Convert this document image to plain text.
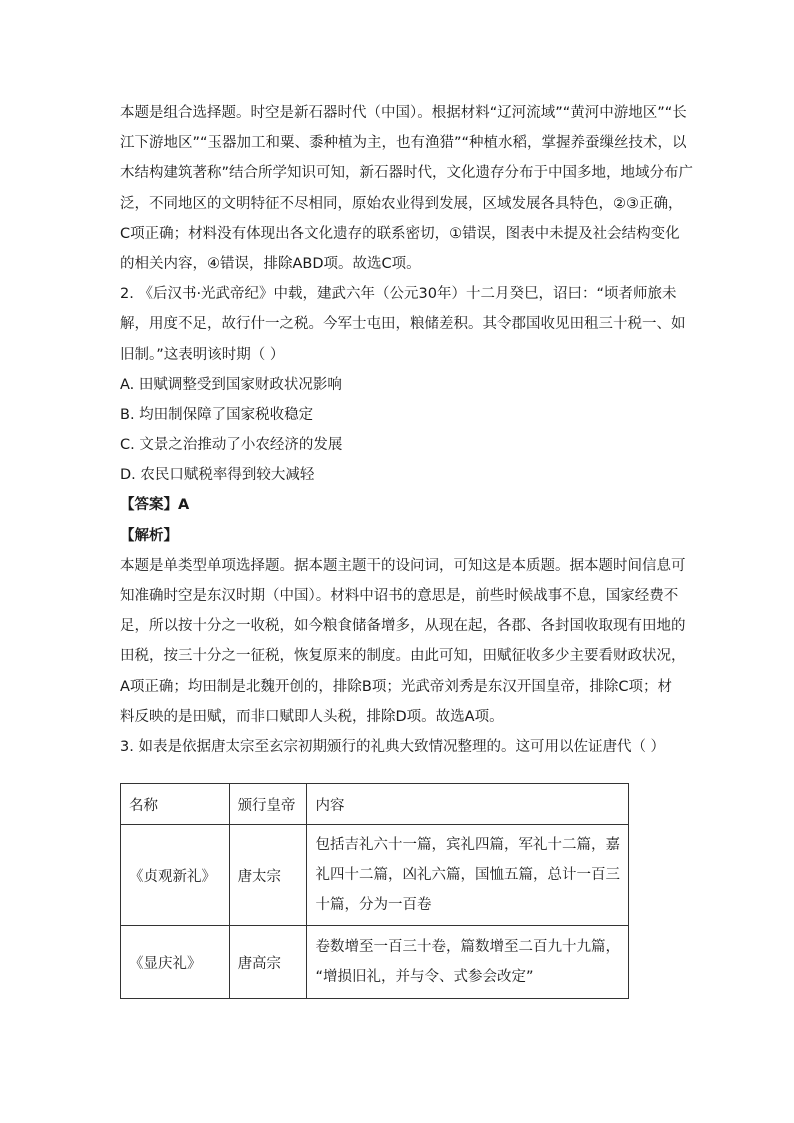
本题是组合选择题。时空是新石器时代（中国）。根据材料“辽河流域”“黄河中游地区”“长
江下游地区”“玉器加工和粟、黍种植为主，也有渔猎”“种植水稻，掌握养蚕缫丝技术，以
木结构建筑著称”结合所学知识可知，新石器时代，文化遗存分布于中国多地，地域分布广
泛，不同地区的文明特征不尽相同，原始农业得到发展，区域发展各具特色，②③正确，
C项正确；材料没有体现出各文化遗存的联系密切，①错误，图表中未提及社会结构变化
的相关内容，④错误，排除ABD项。故选C项。
2. 《后汉书·光武帝纪》中载，建武六年（公元30年）十二月癸巳，诏曰：“顷者师旅未
解，用度不足，故行什一之税。今军士屯田，粮储差积。其令郡国收见田租三十税一、如
旧制。”这表明该时期（ ）
A. 田赋调整受到国家财政状况影响
B. 均田制保障了国家税收稳定
C. 文景之治推动了小农经济的发展
D. 农民口赋税率得到较大减轻
【答案】A
【解析】
本题是单类型单项选择题。据本题主题干的设问词，可知这是本质题。据本题时间信息可
知准确时空是东汉时期（中国）。材料中诏书的意思是，前些时候战事不息，国家经费不
足，所以按十分之一收税，如今粮食储备增多，从现在起，各郡、各封国收取现有田地的
田税，按三十分之一征税，恢复原来的制度。由此可知，田赋征收多少主要看财政状况，
A项正确；均田制是北魏开创的，排除B项；光武帝刘秀是东汉开国皇帝，排除C项；材
料反映的是田赋，而非口赋即人头税，排除D项。故选A项。
3. 如表是依据唐太宗至玄宗初期颁行的礼典大致情况整理的。这可用以佐证唐代（ ）
名称	颁行皇帝	内容
《贞观新礼》	唐太宗	包括吉礼六十一篇，宾礼四篇，军礼十二篇，嘉
礼四十二篇，凶礼六篇，国恤五篇，总计一百三
十篇，分为一百卷

《显庆礼》	唐高宗	卷数增至一百三十卷，篇数增至二百九十九篇，
“增损旧礼，并与令、式参会改定”
